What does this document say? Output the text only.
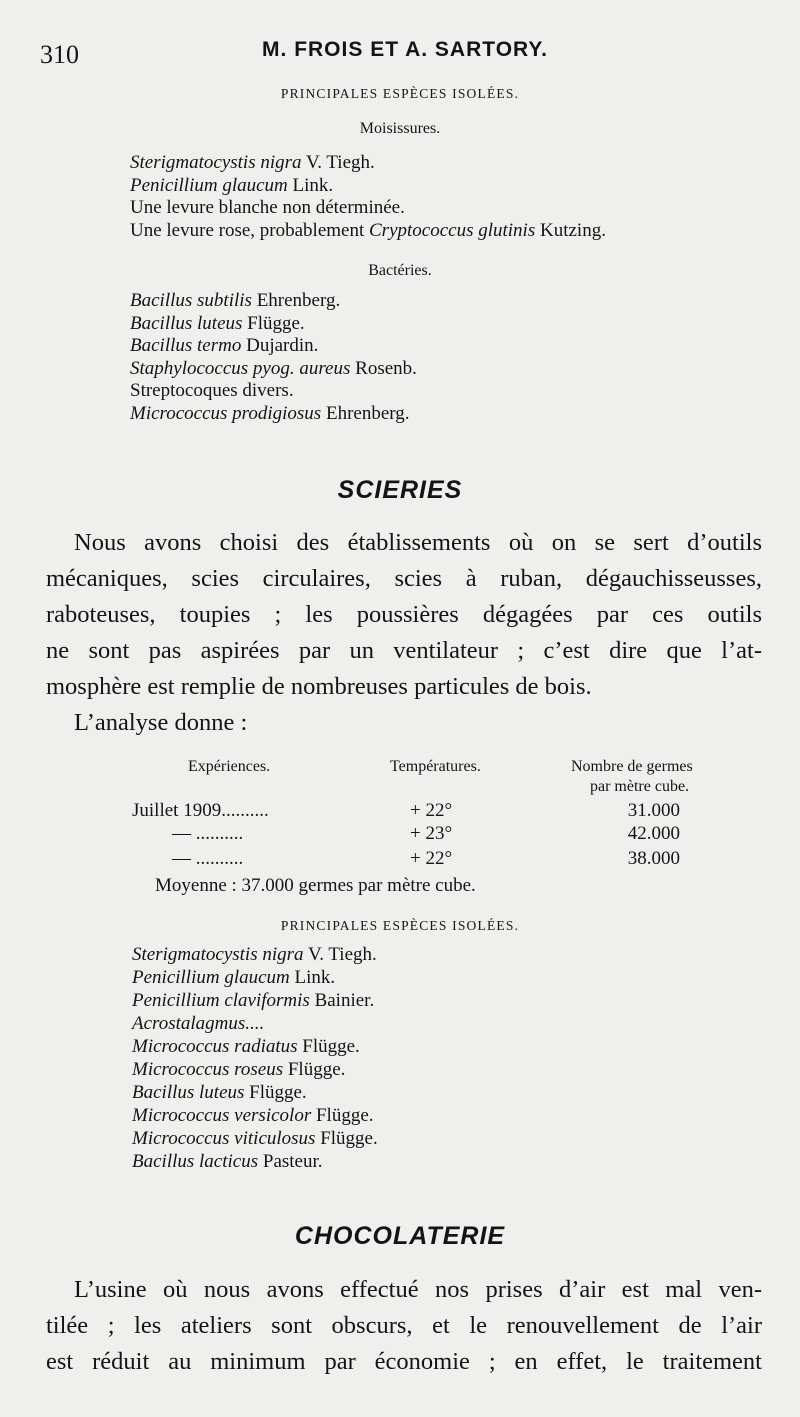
310	M. FROIS ET A. SARTORY.
PRINCIPALES ESPÈCES ISOLÉES.
Moisissures.
Sterigmatocystis nigra V. Tiegh.
Penicillium glaucum Link.
Une levure blanche non déterminée.
Une levure rose, probablement Cryptococcus glutinis Kutzing.
Bactéries.
Bacillus subtilis Ehrenberg.
Bacillus luteus Flügge.
Bacillus termo Dujardin.
Staphylococcus pyog. aureus Rosenb.
Streptocoques divers.
Micrococcus prodigiosus Ehrenberg.
SCIERIES
Nous avons choisi des établissements où on se sert d’outils
mécaniques, scies circulaires, scies à ruban, dégauchisseusses,
raboteuses, toupies ; les poussières dégagées par ces outils
ne sont pas aspirées par un ventilateur ; c’est dire que l’at-
mosphère est remplie de nombreuses particules de bois.
L’analyse donne :
Expériences.	Températures.	Nombre de germes
par mètre cube.
Juillet 1909..........	+ 22°	31.000
— ..........	+ 23°	42.000
— ..........	+ 22°	38.000
Moyenne : 37.000 germes par mètre cube.
PRINCIPALES ESPÈCES ISOLÉES.
Sterigmatocystis nigra V. Tiegh.
Penicillium glaucum Link.
Penicillium claviformis Bainier.
Acrostalagmus....
Micrococcus radiatus Flügge.
Micrococcus roseus Flügge.
Bacillus luteus Flügge.
Micrococcus versicolor Flügge.
Micrococcus viticulosus Flügge.
Bacillus lacticus Pasteur.
CHOCOLATERIE
L’usine où nous avons effectué nos prises d’air est mal ven-
tilée ; les ateliers sont obscurs, et le renouvellement de l’air
est réduit au minimum par économie ; en effet, le traitement
